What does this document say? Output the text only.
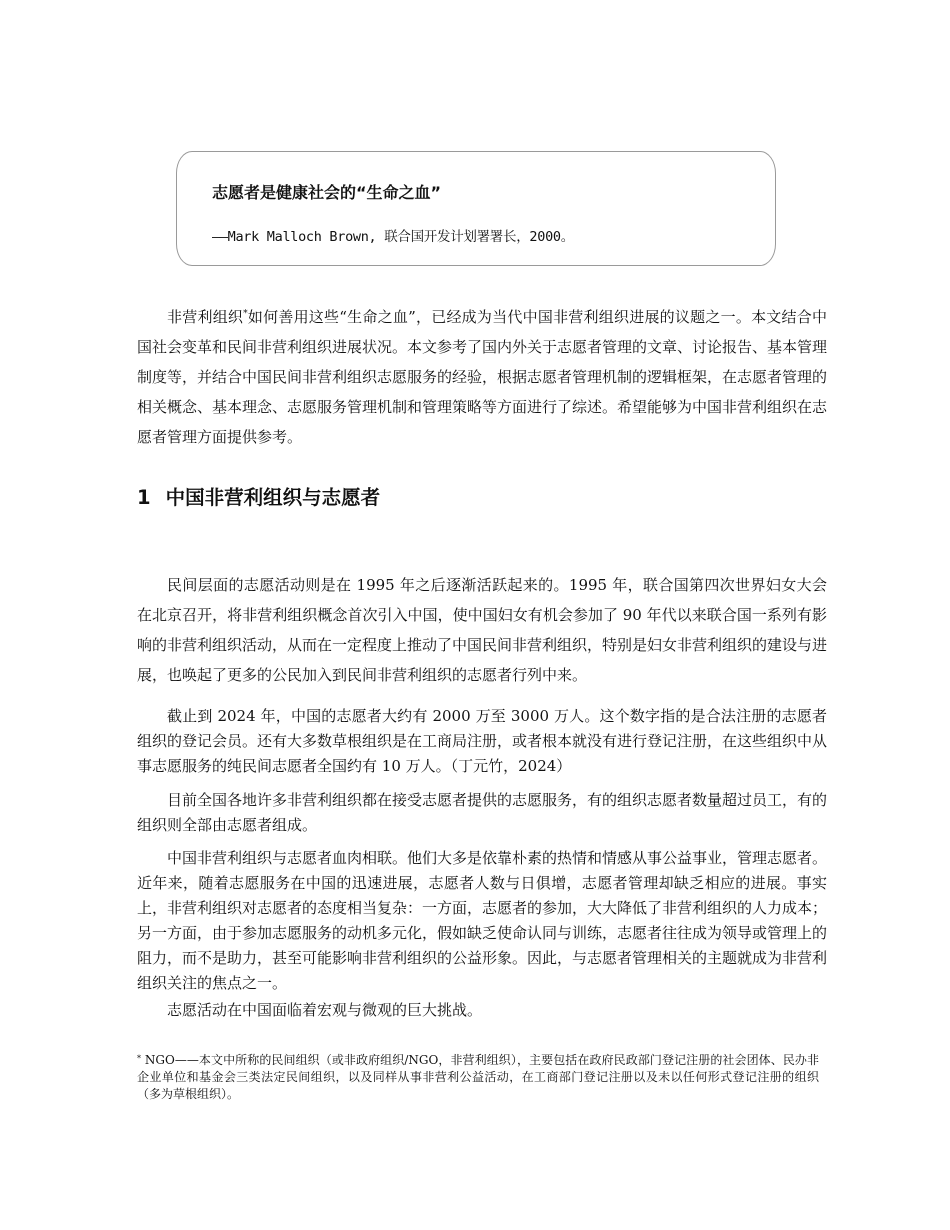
志愿者是健康社会的“生命之血”
——Mark Malloch Brown, 联合国开发计划署署长，2000。

非营利组织*如何善用这些“生命之血”，已经成为当代中国非营利组织进展的议题之一。本文结合中国社会变革和民间非营利组织进展状况。本文参考了国内外关于志愿者管理的文章、讨论报告、基本管理制度等，并结合中国民间非营利组织志愿服务的经验，根据志愿者管理机制的逻辑框架，在志愿者管理的相关概念、基本理念、志愿服务管理机制和管理策略等方面进行了综述。希望能够为中国非营利组织在志愿者管理方面提供参考。

1 中国非营利组织与志愿者

民间层面的志愿活动则是在 1995 年之后逐渐活跃起来的。1995 年，联合国第四次世界妇女大会在北京召开，将非营利组织概念首次引入中国，使中国妇女有机会参加了 90 年代以来联合国一系列有影响的非营利组织活动，从而在一定程度上推动了中国民间非营利组织，特别是妇女非营利组织的建设与进展，也唤起了更多的公民加入到民间非营利组织的志愿者行列中来。

截止到 2024 年，中国的志愿者大约有 2000 万至 3000 万人。这个数字指的是合法注册的志愿者组织的登记会员。还有大多数草根组织是在工商局注册，或者根本就没有进行登记注册，在这些组织中从事志愿服务的纯民间志愿者全国约有 10 万人。（丁元竹，2024）

目前全国各地许多非营利组织都在接受志愿者提供的志愿服务，有的组织志愿者数量超过员工，有的组织则全部由志愿者组成。

中国非营利组织与志愿者血肉相联。他们大多是依靠朴素的热情和情感从事公益事业，管理志愿者。近年来，随着志愿服务在中国的迅速进展，志愿者人数与日俱增，志愿者管理却缺乏相应的进展。事实上，非营利组织对志愿者的态度相当复杂：一方面，志愿者的参加，大大降低了非营利组织的人力成本；另一方面，由于参加志愿服务的动机多元化，假如缺乏使命认同与训练，志愿者往往成为领导或管理上的阻力，而不是助力，甚至可能影响非营利组织的公益形象。因此，与志愿者管理相关的主题就成为非营利组织关注的焦点之一。

志愿活动在中国面临着宏观与微观的巨大挑战。

* NGO——本文中所称的民间组织（或非政府组织/NGO，非营利组织），主要包括在政府民政部门登记注册的社会团体、民办非企业单位和基金会三类法定民间组织，以及同样从事非营利公益活动，在工商部门登记注册以及未以任何形式登记注册的组织（多为草根组织）。
